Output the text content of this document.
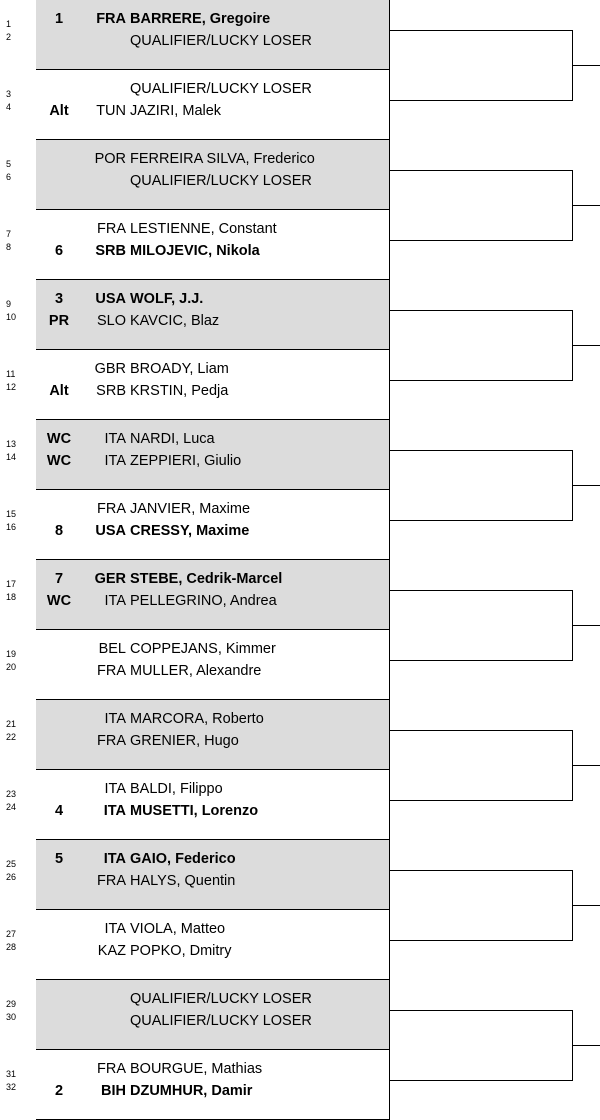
1	1	FRA BARRERE, Gregoire
2	QUALIFIER/LUCKY LOSER
3	QUALIFIER/LUCKY LOSER
4	Alt	TUN JAZIRI, Malek
5	POR FERREIRA SILVA, Frederico
6	QUALIFIER/LUCKY LOSER
7	FRA LESTIENNE, Constant
8	6	SRB MILOJEVIC, Nikola
9	3	USA WOLF, J.J.
10	PR	SLO KAVCIC, Blaz
11	GBR BROADY, Liam
12	Alt	SRB KRSTIN, Pedja
13	WC	ITA NARDI, Luca
14	WC	ITA ZEPPIERI, Giulio
15	FRA JANVIER, Maxime
16	8	USA CRESSY, Maxime
17	7	GER STEBE, Cedrik-Marcel
18	WC	ITA PELLEGRINO, Andrea
19	BEL COPPEJANS, Kimmer
20	FRA MULLER, Alexandre
21	ITA MARCORA, Roberto
22	FRA GRENIER, Hugo
23	ITA BALDI, Filippo
24	4	ITA MUSETTI, Lorenzo
25	5	ITA GAIO, Federico
26	FRA HALYS, Quentin
27	ITA VIOLA, Matteo
28	KAZ POPKO, Dmitry
29	QUALIFIER/LUCKY LOSER
30	QUALIFIER/LUCKY LOSER
31	FRA BOURGUE, Mathias
32	2	BIH DZUMHUR, Damir
